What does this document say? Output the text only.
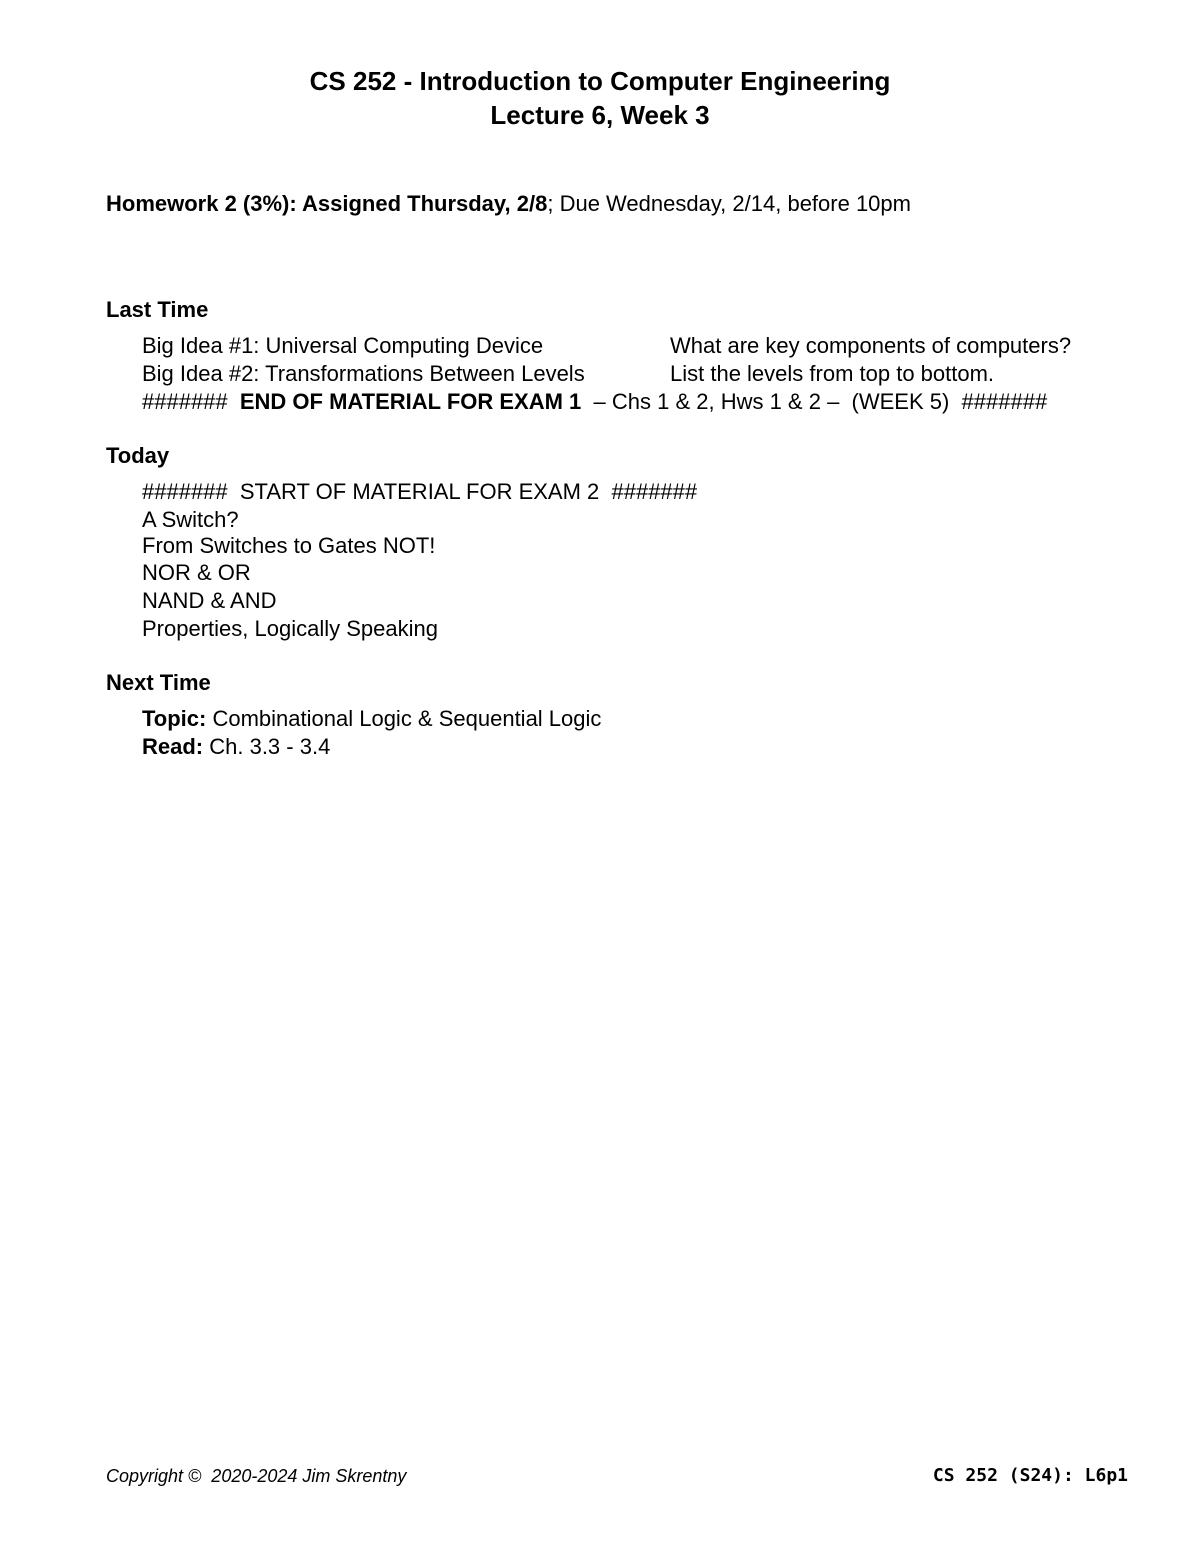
CS 252 - Introduction to Computer Engineering
Lecture 6, Week 3
Homework 2 (3%): Assigned Thursday, 2/8; Due Wednesday, 2/14, before 10pm
Last Time
Big Idea #1: Universal Computing Device	What are key components of computers?
Big Idea #2: Transformations Between Levels	List the levels from top to bottom.
#######  END OF MATERIAL FOR EXAM 1  – Chs 1 & 2, Hws 1 & 2 –  (WEEK 5)  #######
Today
#######  START OF MATERIAL FOR EXAM 2  #######
A Switch?
From Switches to Gates NOT!
NOR & OR
NAND & AND
Properties, Logically Speaking
Next Time
Topic: Combinational Logic & Sequential Logic
Read: Ch. 3.3 - 3.4
Copyright ©  2020-2024 Jim Skrentny	CS 252 (S24): L6p1
